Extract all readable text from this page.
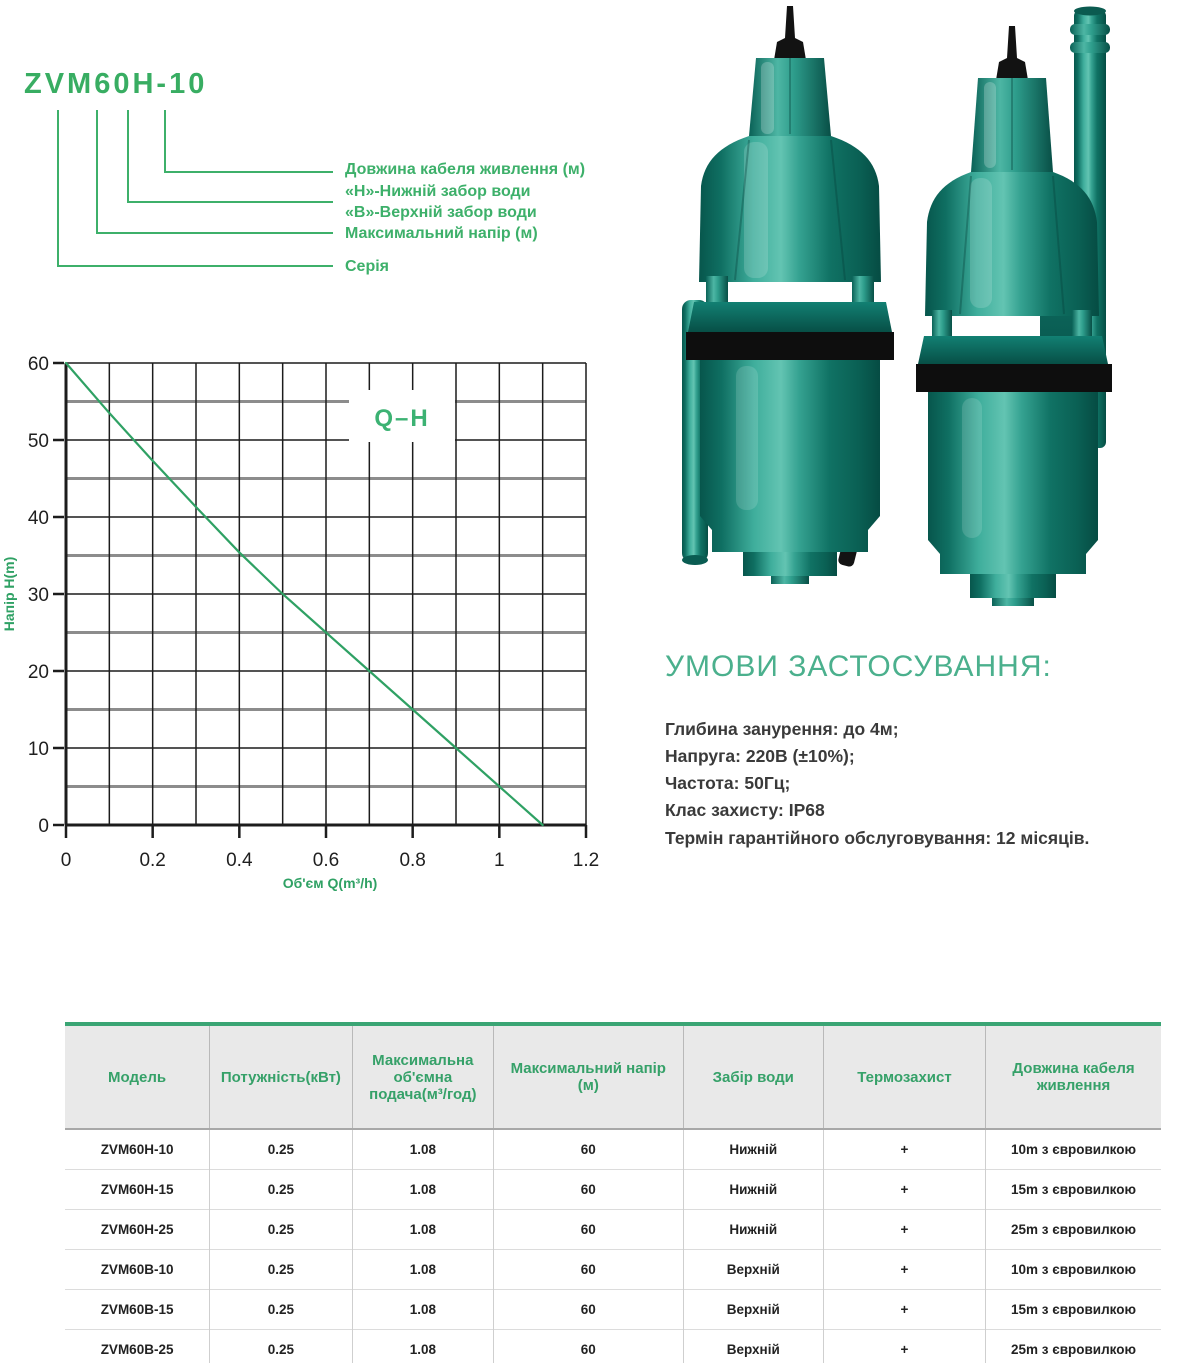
ZVM60H-10
Довжина кабеля живлення (м)
«Н»-Нижній забор води
«В»-Верхній забор води
Максимальний напір (м)
Серія
Q–H
0
10
20
30
40
50
60
0	0.2	0.4	0.6	0.8	1	1.2
Об'єм Q(m³/h)
Напір H(m)
УМОВИ ЗАСТОСУВАННЯ:
Глибина занурення: до 4м;
Напруга: 220В (±10%);
Частота: 50Гц;
Клас захисту: IP68
Термін гарантійного обслуговування: 12 місяців.
Модель	Потужність(кВт)	Максимальна об'ємна подача(м³/год)	Максимальний напір (м)	Забір води	Термозахист	Довжина кабеля живлення
ZVM60H-10	0.25	1.08	60	Нижній	+	10m з євровилкою
ZVM60H-15	0.25	1.08	60	Нижній	+	15m з євровилкою
ZVM60H-25	0.25	1.08	60	Нижній	+	25m з євровилкою
ZVM60B-10	0.25	1.08	60	Верхній	+	10m з євровилкою
ZVM60B-15	0.25	1.08	60	Верхній	+	15m з євровилкою
ZVM60B-25	0.25	1.08	60	Верхній	+	25m з євровилкою
